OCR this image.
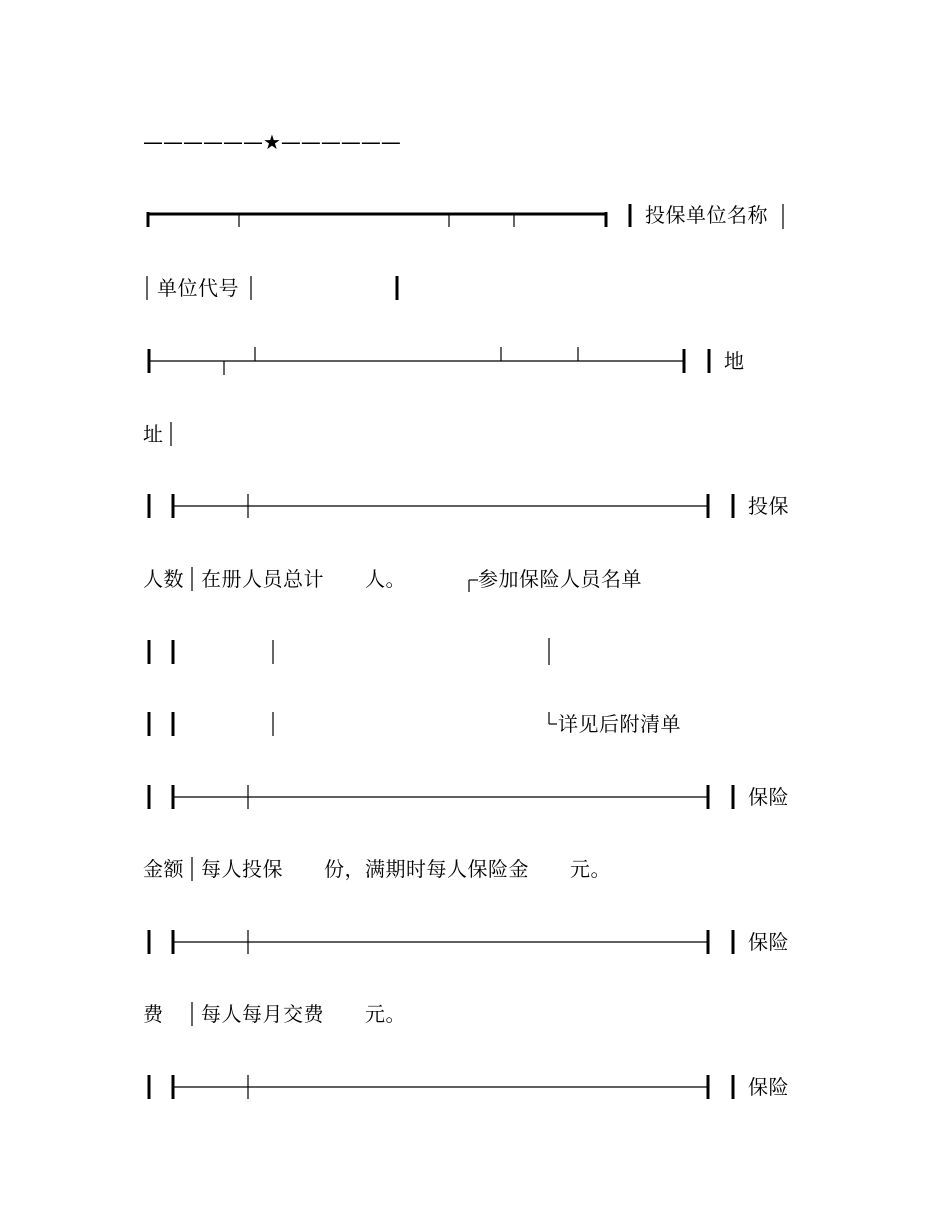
——————★——————
投保单位名称
单位代号
地
址
投保
人数 在册人员总计　　人。	参加保险人员名单
详见后附清单
保险
金额 每人投保　　份，满期时每人保险金　　元。
保险
费 每人每月交费　　元。
保险
